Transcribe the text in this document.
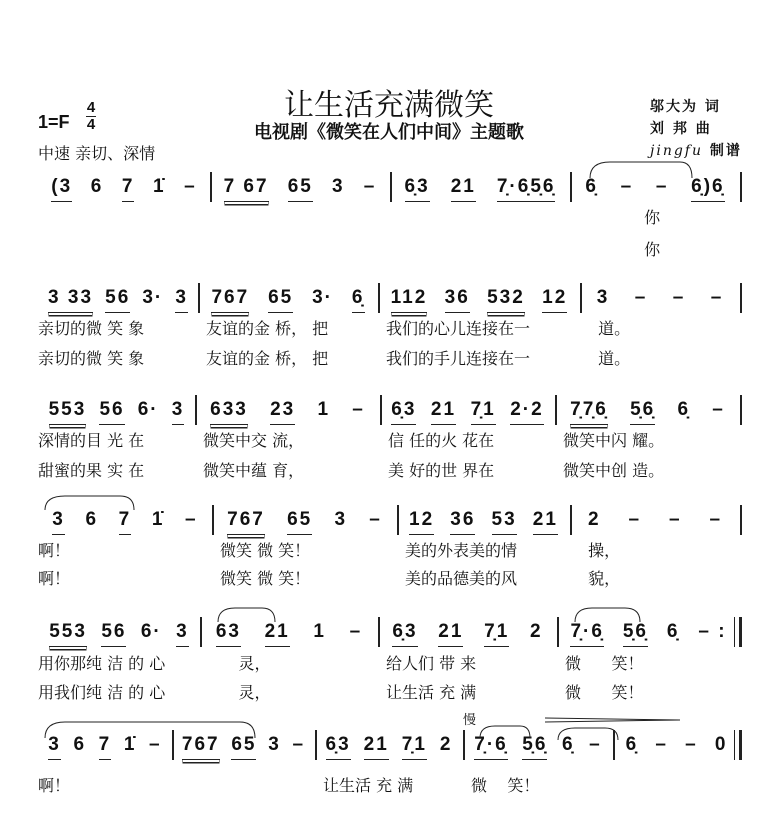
让生活充满微笑
电视剧《微笑在人们中间》主题歌
1=F
4
4
中速 亲切、深情
邬大为 词
刘 邦 曲
jingfu 制谱
(3 6 7 1̇ – 7 67 65 3 – 6̣3 21 7̣·6̣5̣6̣ 6̣ – – 6̣)6̣
你
你
3 33 56 3· 3 767 65 3· 6̣ 112 36 532 12 3 – – –
亲切的微 笑 象	友谊的金 桥， 把	我们的心儿连接在一	道。
亲切的微 笑 象	友谊的金 桥， 把	我们的手儿连接在一	道。
553 56 6· 3 633 23 1 – 6̣3 21 7̣1 2·2 7̣7̣6̣ 5̣6̣ 6̣ –
深情的目 光 在	微笑中交 流，	信 任的火 花在	微笑中闪 耀。
甜蜜的果 实 在	微笑中蕴 育，	美 好的世 界在	微笑中创 造。
3 6 7 1̇ – 767 65 3 – 12 36 53 21 2 – – –
啊！	微笑 微 笑！	美的外表美的情	操，
啊！	微笑 微 笑！	美的品德美的风	貌，
553 56 6· 3 63 21 1 – 6̣3 21 7̣1 2 7̣·6̣ 5̣6̣ 6̣ – :
用你那纯 洁 的 心	灵，	给人们 带 来	微      笑！
用我们纯 洁 的 心	灵，	让生活 充 满	微      笑！
3 6 7 1̇ – 767 65 3 – 6̣3 21 7̣1 2 7̣·6̣ 5̣6̣ 6̣ – 6̣ – – 0
啊！	让生活 充 满	微    笑！
慢
